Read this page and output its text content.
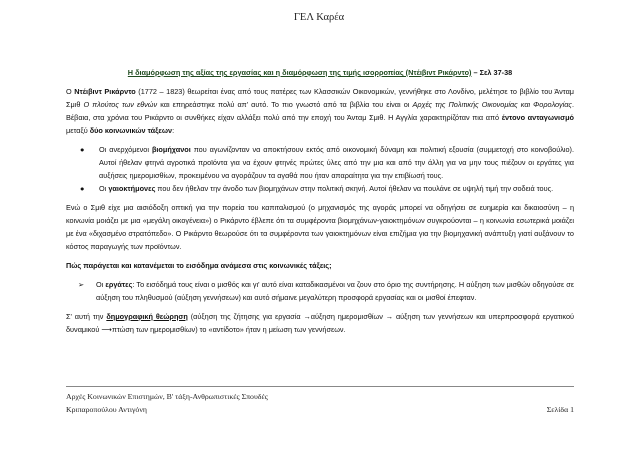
ΓΕΛ Καρέα
Η διαμόρφωση της αξίας της εργασίας και η διαμόρφωση της τιμής ισορροπίας (Ντέιβιντ Ρικάρντο) – Σελ 37-38

Ο Ντέιβιντ Ρικάρντο (1772 – 1823) θεωρείται ένας από τους πατέρες των Κλασσικών Οικονομικών, γεννήθηκε στο Λονδίνο, μελέτησε το βιβλίο του Άνταμ Σμιθ Ο πλούτος των εθνών και επηρεάστηκε πολύ απ' αυτό. Το πιο γνωστό από τα βιβλία του είναι οι Αρχές της Πολιτικής Οικονομίας και Φορολογίας. Βέβαια, στα χρόνια του Ρικάρντο οι συνθήκες είχαν αλλάξει πολύ από την εποχή του Άνταμ Σμιθ. Η Αγγλία χαρακτηρίζόταν πια από έντονο ανταγωνισμό μεταξύ δύο κοινωνικών τάξεων:

● Οι ανερχόμενοι βιομήχανοι που αγωνίζονταν να αποκτήσουν εκτός από οικονομική δύναμη και πολιτική εξουσία (συμμετοχή στο κοινοβούλιο). Αυτοί ήθελαν φτηνά αγροτικά προϊόντα για να έχουν φτηνές πρώτες ύλες από την μια και από την άλλη για να μην τους πιέζουν οι εργάτες για αυξήσεις ημερομισθίων, προκειμένου να αγοράζουν τα αγαθά που ήταν απαραίτητα για την επιβίωσή τους.
● Οι γαιοκτήμονες που δεν ήθελαν την άνοδο των βιομηχάνων στην πολιτική σκηνή. Αυτοί ήθελαν να πουλάνε σε υψηλή τιμή την σοδειά τους.

Ενώ ο Σμιθ είχε μια αισιόδοξη οπτική για την πορεία του καπιταλισμού (ο μηχανισμός της αγοράς μπορεί να οδηγήσει σε ευημερία και δικαιοσύνη – η κοινωνία μοιάζει με μια «μεγάλη οικογένεια») ο Ρικάρντο έβλεπε ότι τα συμφέροντα βιομηχάνων-γαιοκτημόνων συγκρούονται – η κοινωνία εσωτερικά μοιάζει με ένα «διχασμένο στρατόπεδο». Ο Ρικάρντο θεωρούσε ότι τα συμφέροντα των γαιοκτημόνων είναι επιζήμια για την βιομηχανική ανάπτυξη γιατί αυξάνουν το κόστος παραγωγής των προϊόντων.

Πώς παράγεται και κατανέμεται το εισόδημα ανάμεσα στις κοινωνικές τάξεις;

➢ Οι εργάτες: Το εισόδημά τους είναι ο μισθός και γι' αυτό είναι καταδικασμένοι να ζουν στο όριο της συντήρησης. Η αύξηση των μισθών οδηγούσε σε αύξηση του πληθυσμού (αύξηση γεννήσεων) και αυτό σήμαινε μεγαλύτερη προσφορά εργασίας και οι μισθοί έπεφταν.

Σ' αυτή την δημογραφική θεώρηση (αύξηση της ζήτησης για εργασία →αύξηση ημερομισθίων → αύξηση των γεννήσεων και υπερπροσφορά εργατικού δυναμικού ⟶πτώση των ημερομισθίων) το «αντίδοτο» ήταν η μείωση των γεννήσεων.

Αρχές Κοινωνικών Επιστημών, Β' τάξη-Ανθρωπιστικές Σπουδές
Κριπαροπούλου Αντιγόνη	Σελίδα 1
